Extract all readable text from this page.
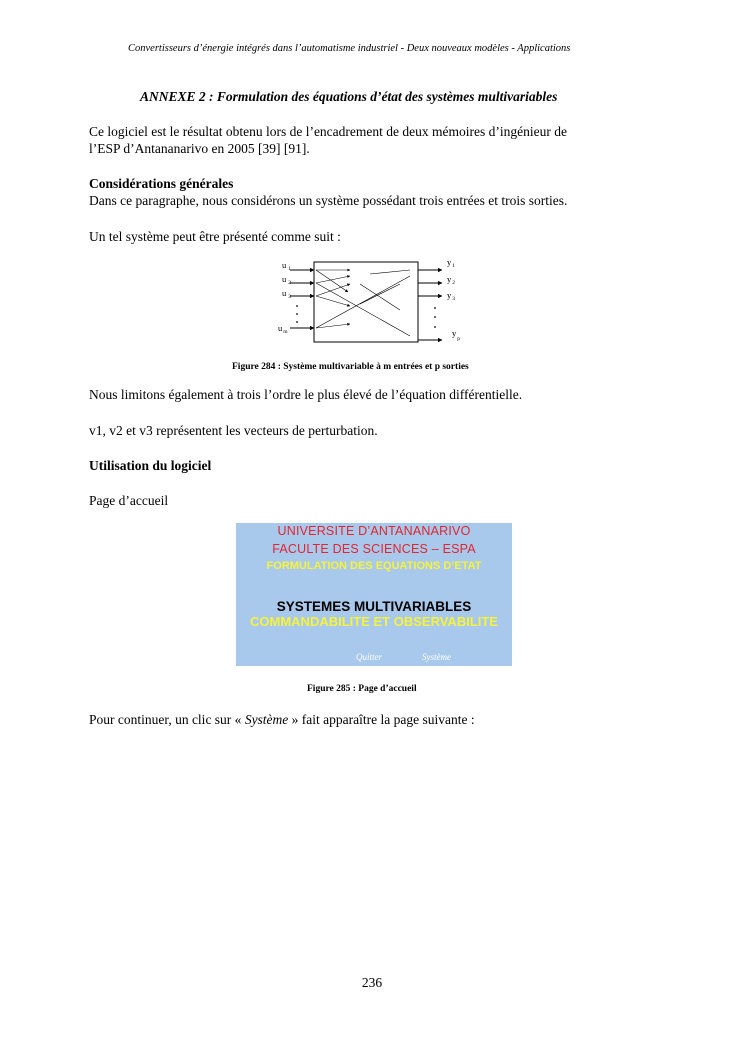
Convertisseurs d’énergie intégrés dans l’automatisme industriel - Deux nouveaux modèles - Applications
ANNEXE 2 : Formulation des équations d’état des systèmes multivariables
Ce logiciel est le résultat obtenu lors de l’encadrement de deux mémoires d’ingénieur de
l’ESP d’Antananarivo en 2005 [39] [91].
Considérations générales
Dans ce paragraphe, nous considérons un système possédant trois entrées et trois sorties.
Un tel système peut être présenté comme suit :
u $_1$
u $_2$
u $_3$
$u_m$
$y_1$
$y_2$
$y_3$
$y_p$
Figure 284 : Système multivariable à m entrées et p sorties
Nous limitons également à trois l’ordre le plus élevé de l’équation différentielle.
v1, v2 et v3 représentent les vecteurs de perturbation.
Utilisation du logiciel
Page d’accueil
UNIVERSITE D’ANTANANARIVO
FACULTE DES SCIENCES – ESPA
FORMULATION DES EQUATIONS D’ETAT
SYSTEMES MULTIVARIABLES
COMMANDABILITE ET OBSERVABILITE
Quitter	Système
Figure 285 : Page d’accueil
Pour continuer, un clic sur « Système » fait apparaître la page suivante :
236
